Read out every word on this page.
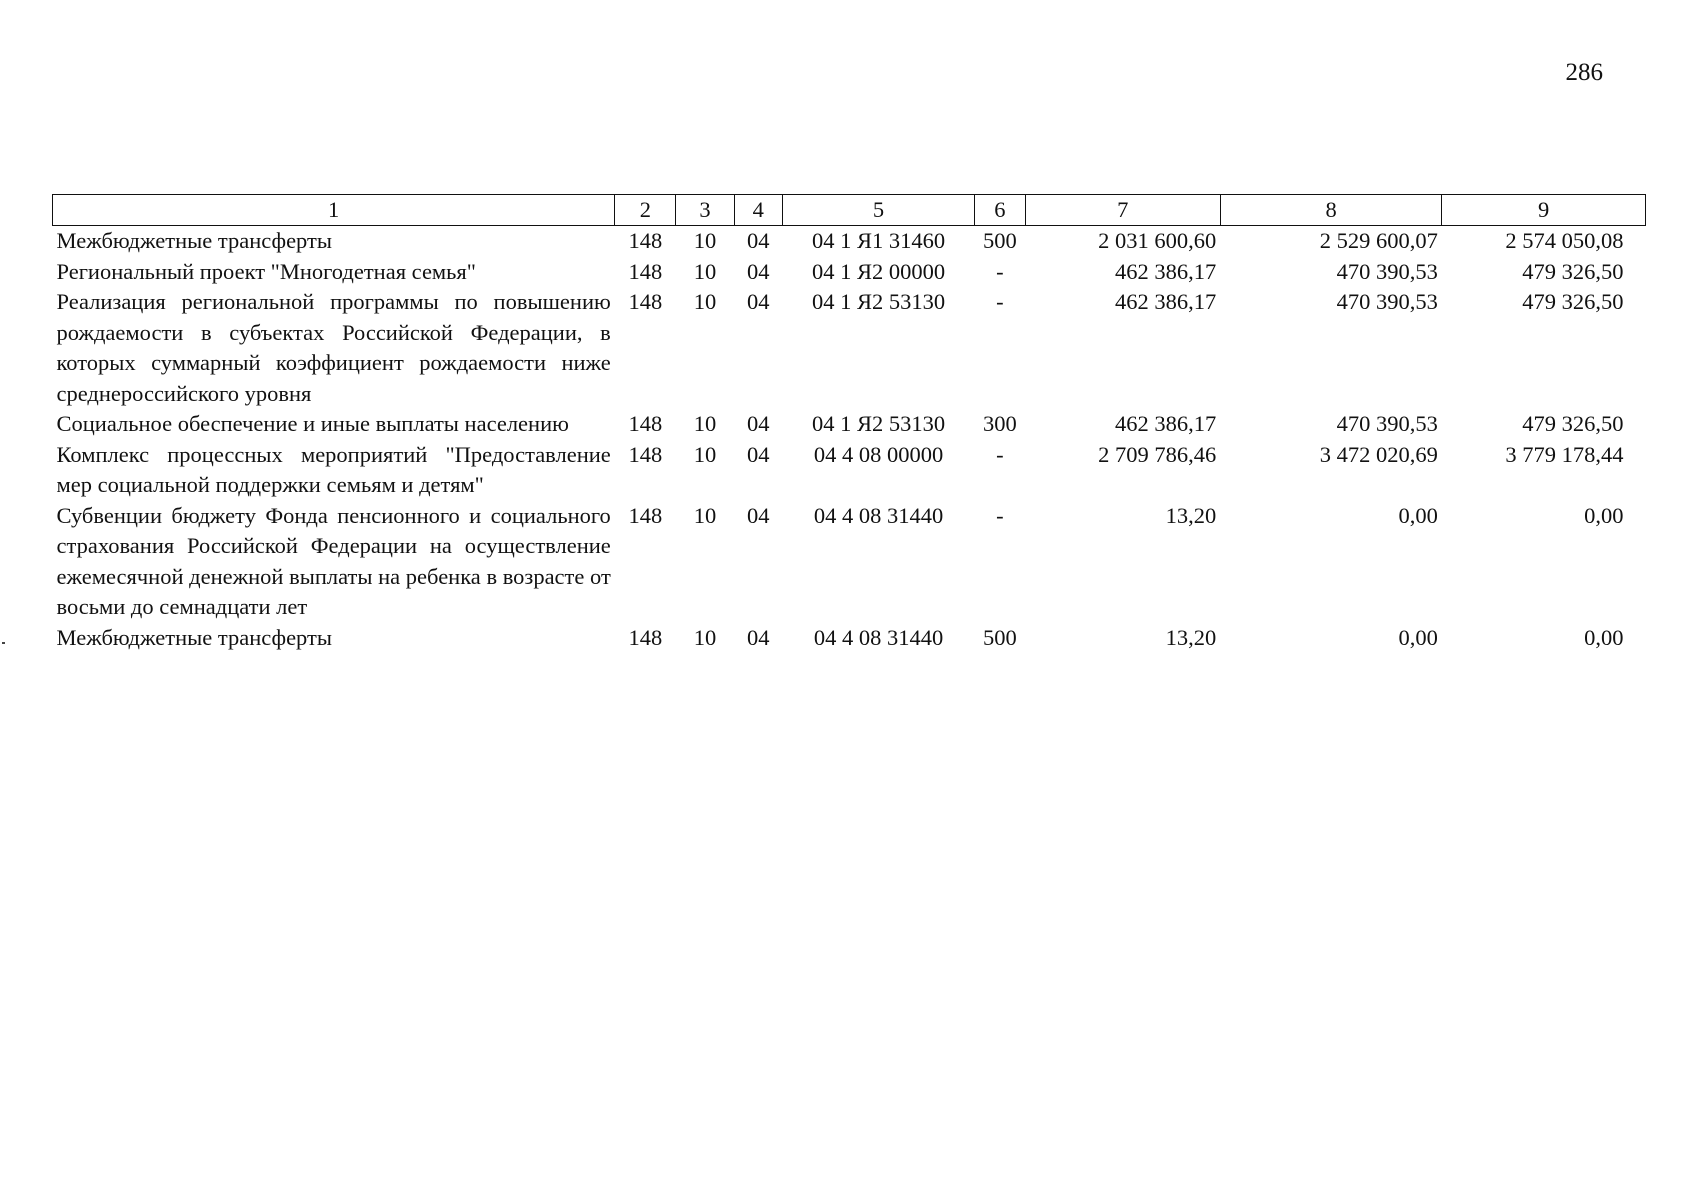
286
1	2	3	4	5	6	7	8	9
Межбюджетные трансферты	148	10	04	04 1 Я1 31460	500	2 031 600,60	2 529 600,07	2 574 050,08
Региональный проект "Многодетная семья"	148	10	04	04 1 Я2 00000	-	462 386,17	470 390,53	479 326,50
Реализация региональной программы по повышению рождаемости в субъектах Российской Федерации, в которых суммарный коэффициент рождаемости ниже среднероссийского уровня	148	10	04	04 1 Я2 53130	-	462 386,17	470 390,53	479 326,50
Социальное обеспечение и иные выплаты населению	148	10	04	04 1 Я2 53130	300	462 386,17	470 390,53	479 326,50
Комплекс процессных мероприятий "Предоставление мер социальной поддержки семьям и детям"	148	10	04	04 4 08 00000	-	2 709 786,46	3 472 020,69	3 779 178,44
Субвенции бюджету Фонда пенсионного и социального страхования Российской Федерации на осуществление ежемесячной денежной выплаты на ребенка в возрасте от восьми до семнадцати лет	148	10	04	04 4 08 31440	-	13,20	0,00	0,00
Межбюджетные трансферты	148	10	04	04 4 08 31440	500	13,20	0,00	0,00
